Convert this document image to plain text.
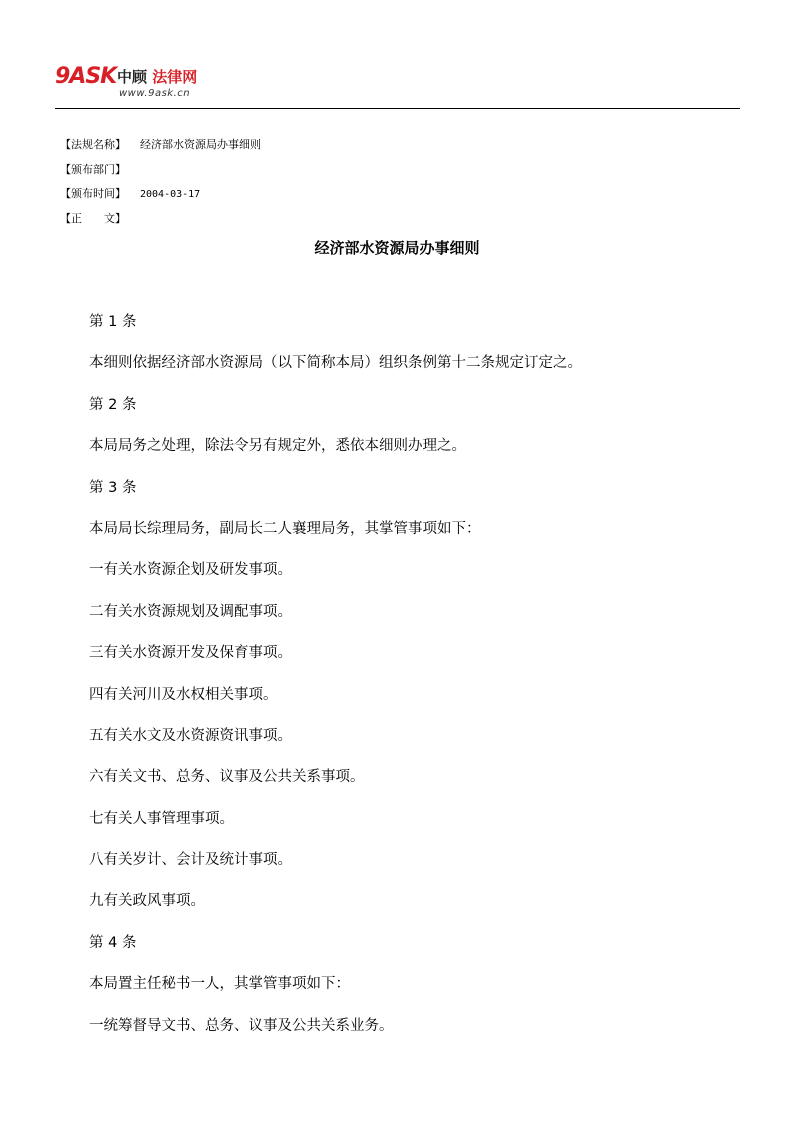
9ASK 中顾 法律网
www.9ask.cn
【法规名称】 经济部水资源局办事细则
【颁布部门】
【颁布时间】 2004-03-17
【正　　文】
经济部水资源局办事细则
第 1 条
本细则依据经济部水资源局（以下简称本局）组织条例第十二条规定订定之。
第 2 条
本局局务之处理，除法令另有规定外，悉依本细则办理之。
第 3 条
本局局长综理局务，副局长二人襄理局务，其掌管事项如下：
一有关水资源企划及研发事项。
二有关水资源规划及调配事项。
三有关水资源开发及保育事项。
四有关河川及水权相关事项。
五有关水文及水资源资讯事项。
六有关文书、总务、议事及公共关系事项。
七有关人事管理事项。
八有关岁计、会计及统计事项。
九有关政风事项。
第 4 条
本局置主任秘书一人，其掌管事项如下：
一统筹督导文书、总务、议事及公共关系业务。
